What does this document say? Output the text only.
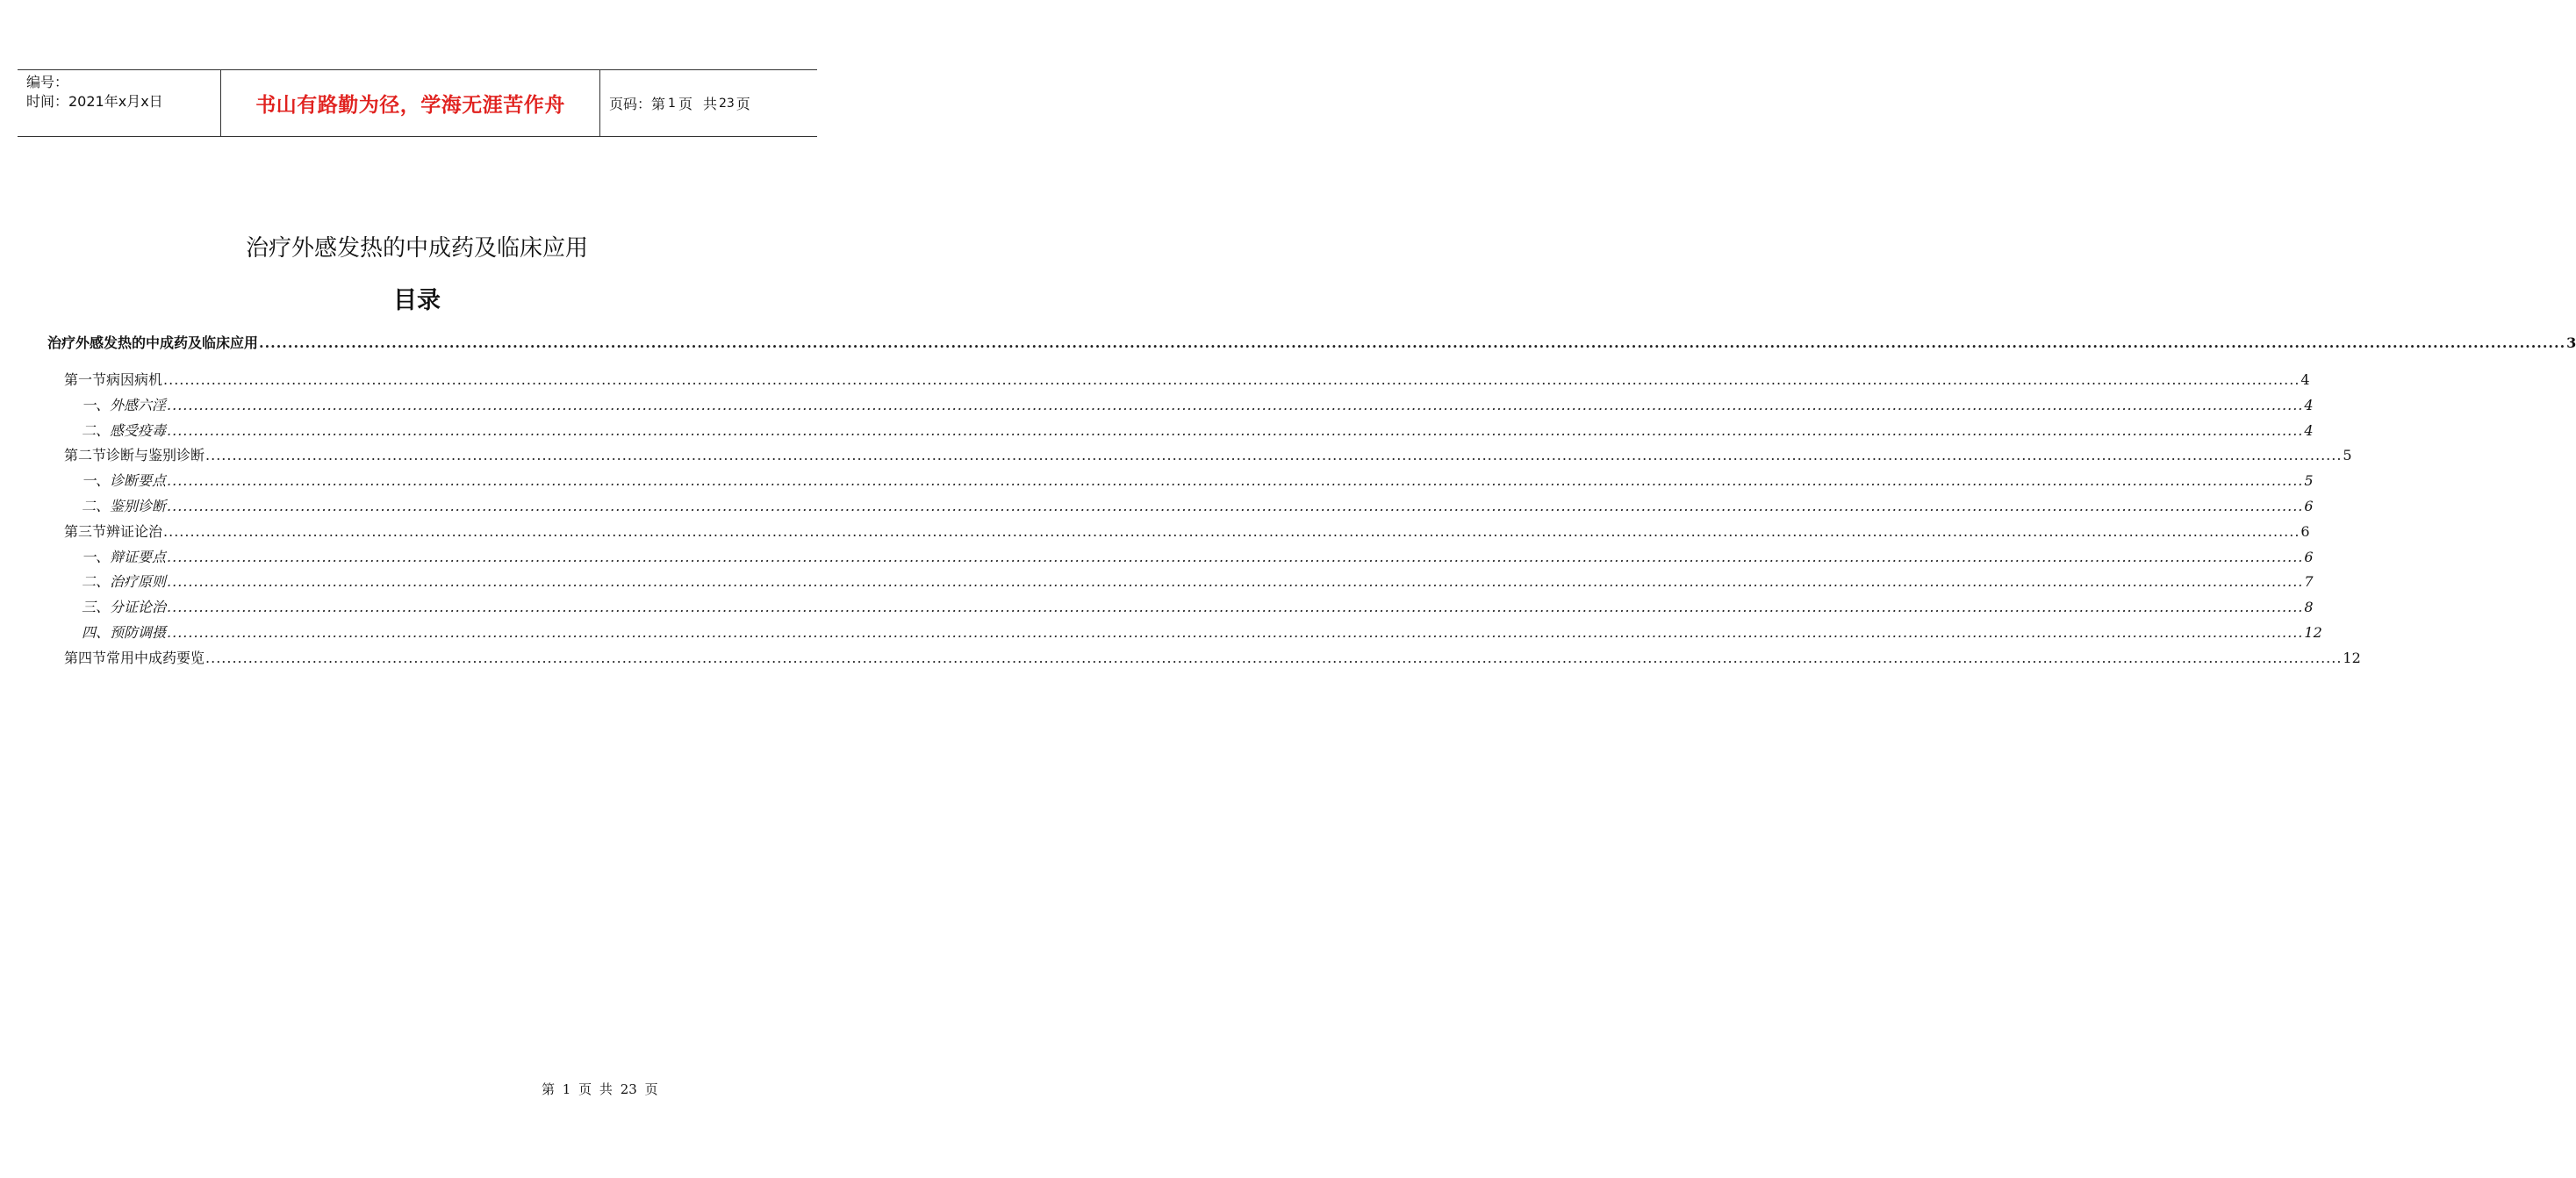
编号：
时间：2021年x月x日	书山有路勤为径，学海无涯苦作舟	页码：第 1 页 共 23 页
治疗外感发热的中成药及临床应用
目录
治疗外感发热的中成药及临床应用 ................................................................................................................................................................................................................................................................................................................................................................................................................ 3
第一节 病因病机 ................................................................................................................................................................................................................................................................................................................................................................................................................ 4
一、外感六淫 ................................................................................................................................................................................................................................................................................................................................................................................................................ 4
二、感受疫毒 ................................................................................................................................................................................................................................................................................................................................................................................................................ 4
第二节 诊断与鉴别诊断 ................................................................................................................................................................................................................................................................................................................................................................................................................ 5
一、诊断要点 ................................................................................................................................................................................................................................................................................................................................................................................................................ 5
二、鉴别诊断 ................................................................................................................................................................................................................................................................................................................................................................................................................ 6
第三节 辨证论治 ................................................................................................................................................................................................................................................................................................................................................................................................................ 6
一、辩证要点 ................................................................................................................................................................................................................................................................................................................................................................................................................ 6
二、治疗原则 ................................................................................................................................................................................................................................................................................................................................................................................................................ 7
三、分证论治 ................................................................................................................................................................................................................................................................................................................................................................................................................ 8
四、预防调摄 ................................................................................................................................................................................................................................................................................................................................................................................................................ 12
第四节 常用中成药要览 ................................................................................................................................................................................................................................................................................................................................................................................................................ 12
第 1 页 共 23 页
